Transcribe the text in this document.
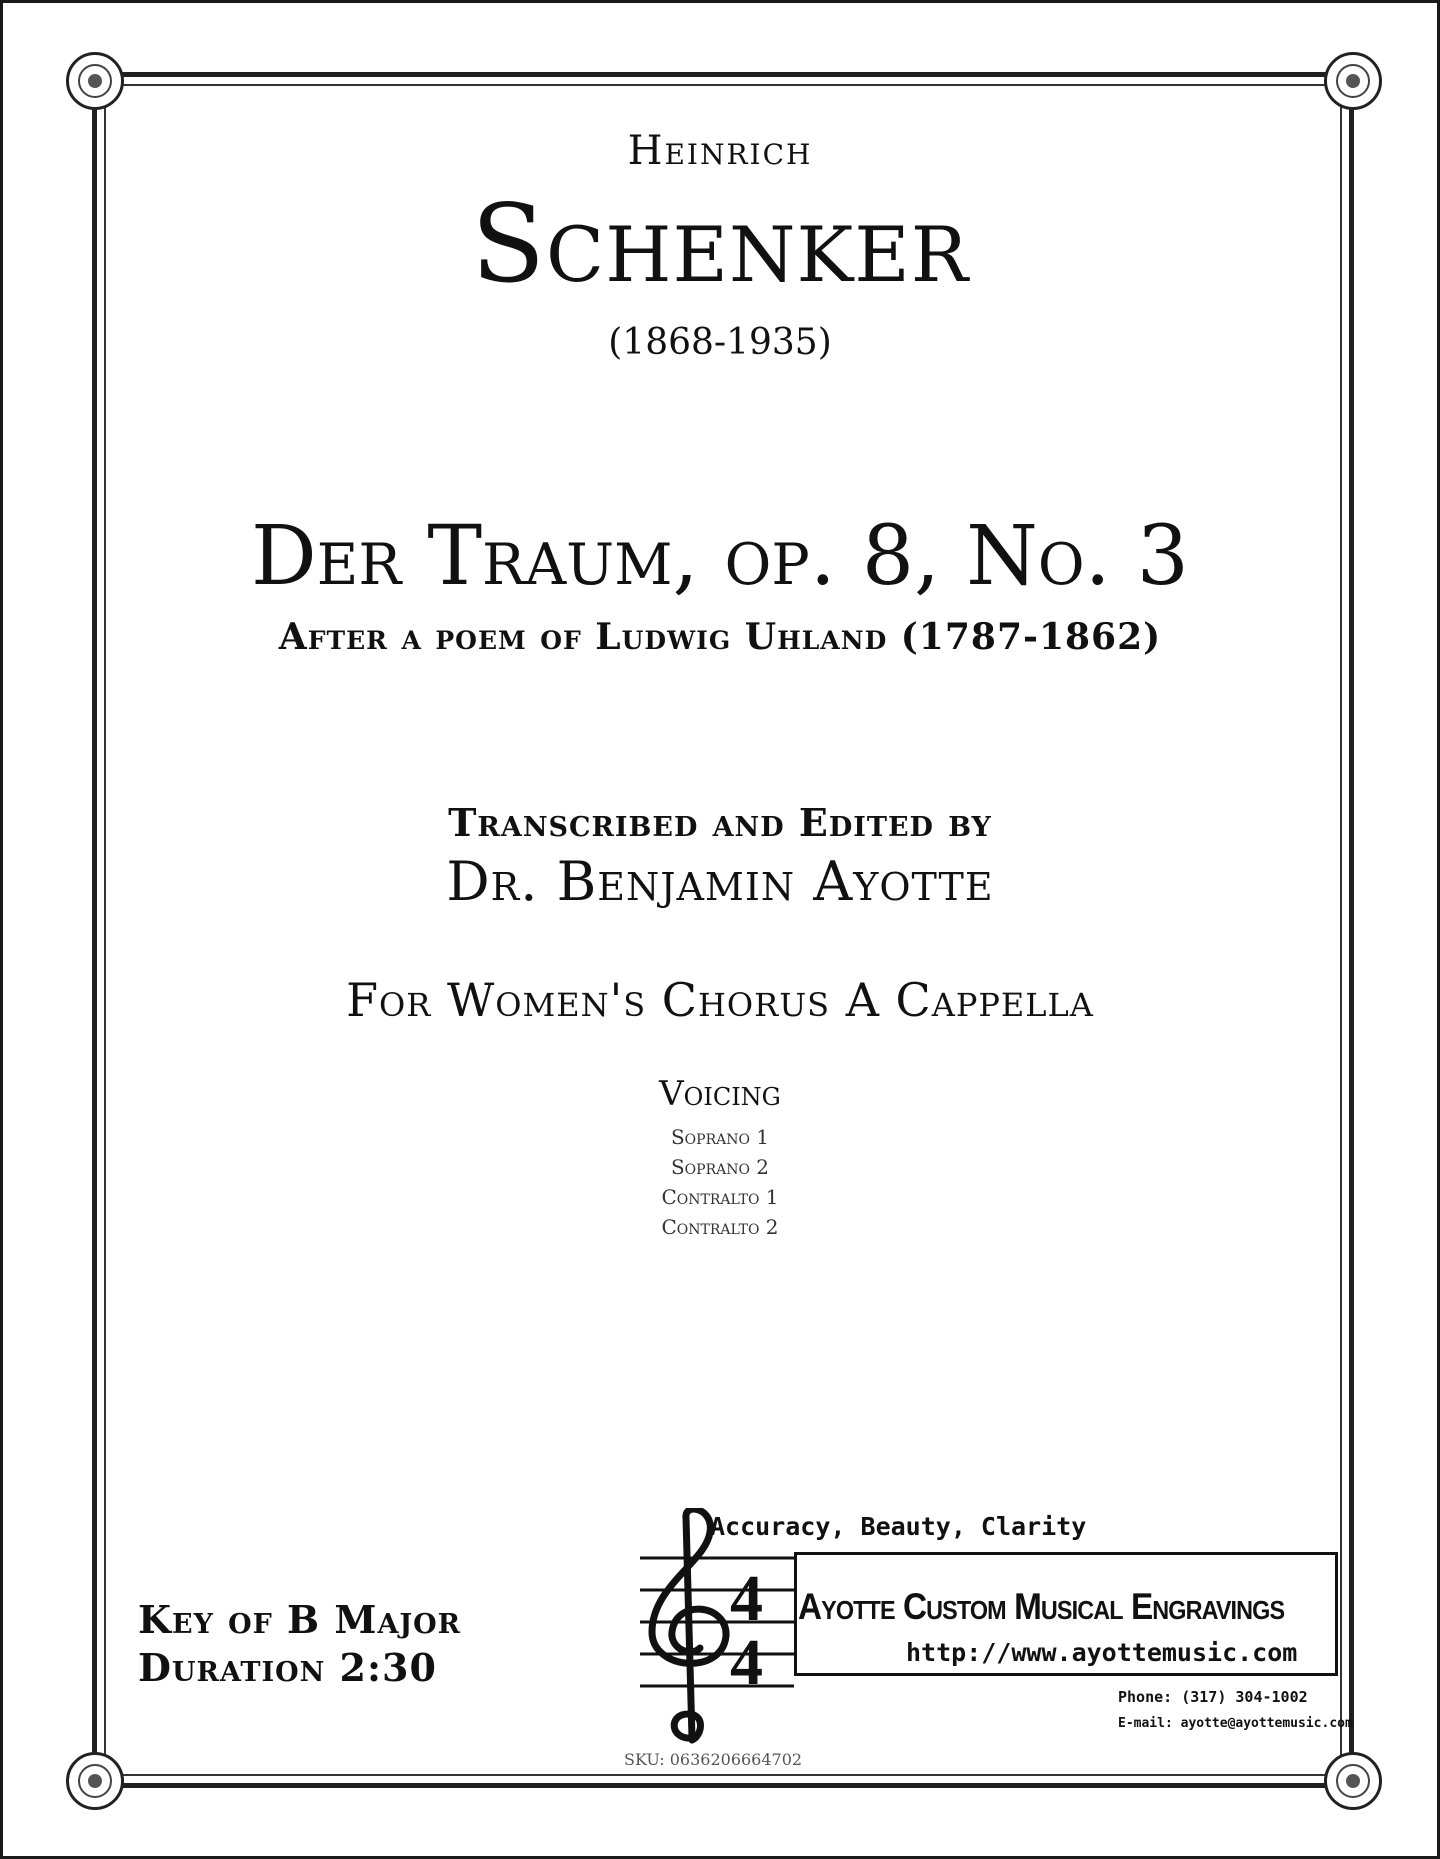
Heinrich
Schenker
(1868-1935)
Der Traum, op. 8, No. 3
After a poem of Ludwig Uhland (1787-1862)
Transcribed and Edited by
Dr. Benjamin Ayotte
For Women's Chorus A Cappella
Voicing
Soprano 1
Soprano 2
Contralto 1
Contralto 2
Key of B Major
Duration 2:30
4
4
Accuracy, Beauty, Clarity
Ayotte Custom Musical Engravings
http://www.ayottemusic.com
Phone: (317) 304-1002
E-mail: ayotte@ayottemusic.com
SKU: 0636206664702
